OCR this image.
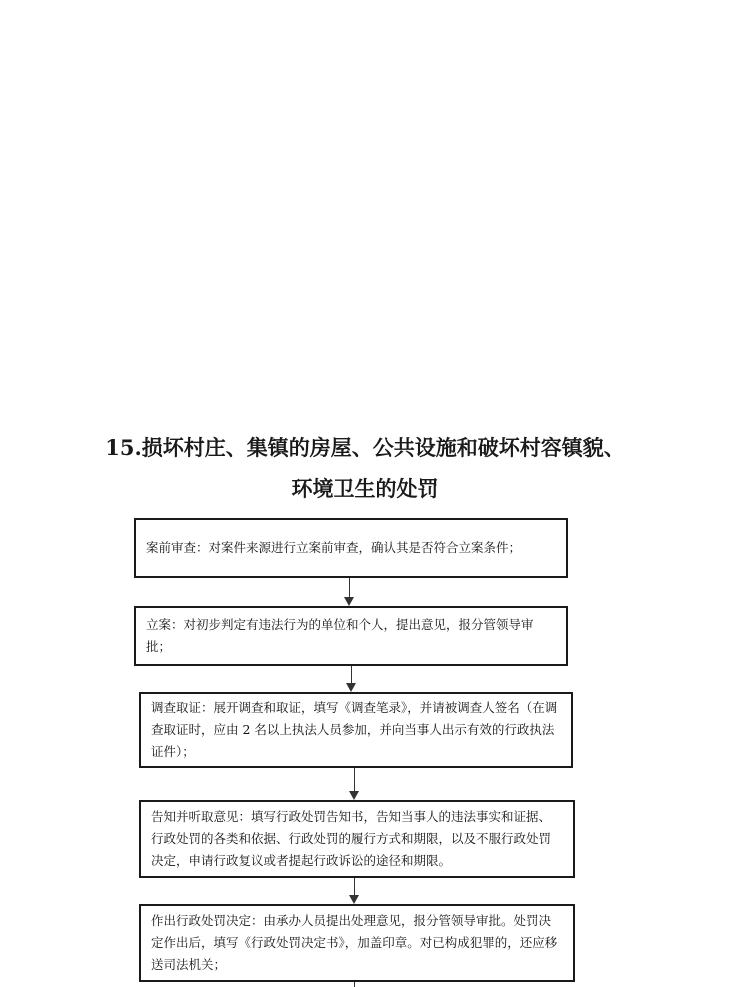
15.损坏村庄、集镇的房屋、公共设施和破坏村容镇貌、
环境卫生的处罚
案前审查：对案件来源进行立案前审查，确认其是否符合立案条件；
立案：对初步判定有违法行为的单位和个人，提出意见，报分管领导审批；
调查取证：展开调查和取证，填写《调查笔录》，并请被调查人签名（在调查取证时，应由 2 名以上执法人员参加，并向当事人出示有效的行政执法证件）；
告知并听取意见：填写行政处罚告知书，告知当事人的违法事实和证据、行政处罚的各类和依据、行政处罚的履行方式和期限，以及不服行政处罚决定，申请行政复议或者提起行政诉讼的途径和期限。
作出行政处罚决定：由承办人员提出处理意见，报分管领导审批。处罚决定作出后，填写《行政处罚决定书》，加盖印章。对已构成犯罪的，还应移送司法机关；
